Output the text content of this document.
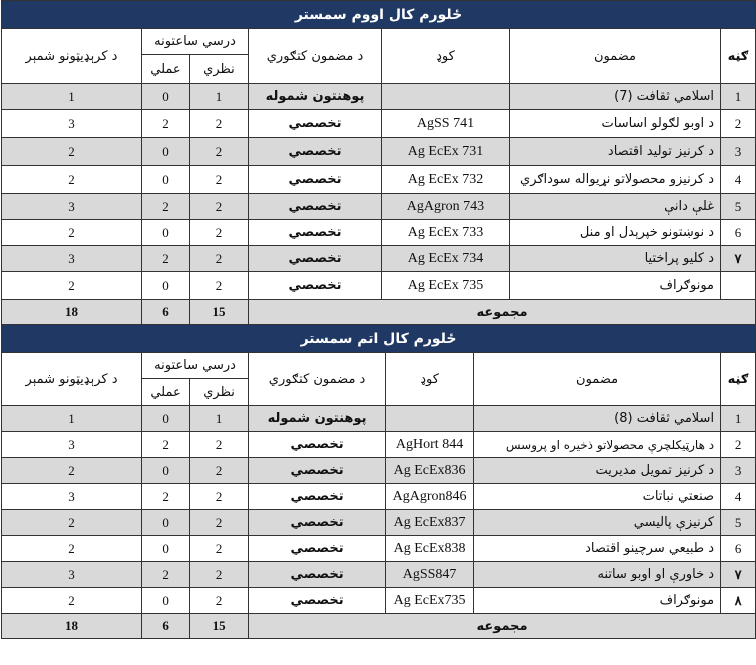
ځلورم کال اووم سمستر						
ګڼه	مضمون	کوډ	د مضمون کتګوري	درسي ساعتونه		د کرېډیټونو شمېر
				نظري	عملي	
1	اسلامي ثقافت (7)		پوهنتون شموله	1	0	1
2	د اوبو لګولو اساسات	AgSS 741	تخصصي	2	2	3
3	د کرنیز تولید اقتصاد	Ag EcEx 731	تخصصي	2	0	2
4	د کرنیزو محصولاتو نړیواله سوداګري	Ag EcEx 732	تخصصي	2	0	2
5	غلې دانې	AgAgron 743	تخصصي	2	2	3
6	د نوښتونو خپرېدل او منل	Ag EcEx 733	تخصصي	2	0	2
۷	د کلیو پراختیا	Ag EcEx 734	تخصصي	2	2	3
	مونوګراف	Ag EcEx 735	تخصصي	2	0	2
مجموعه				15	6	18
ځلورم کال اتم سمستر						
ګڼه	مضمون	کوډ	د مضمون کتګوري	درسي ساعتونه		د کرېډیټونو شمېر
				نظري	عملي	
1	اسلامي ثقافت (8)		پوهنتون شموله	1	0	1
2	د هارټیکلچرې محصولاتو ذخیره او پروسس	AgHort 844	تخصصي	2	2	3
3	د کرنیز تمویل مدیریت	Ag EcEx836	تخصصي	2	0	2
4	صنعتي نباتات	AgAgron846	تخصصي	2	2	3
5	کرنیزې پالیسي	Ag EcEx837	تخصصي	2	0	2
6	د طبیعي سرچینو اقتصاد	Ag EcEx838	تخصصي	2	0	2
۷	د خاورې او اوبو ساتنه	AgSS847	تخصصي	2	2	3
۸	مونوګراف	Ag EcEx735	تخصصي	2	0	2
مجموعه				15	6	18
